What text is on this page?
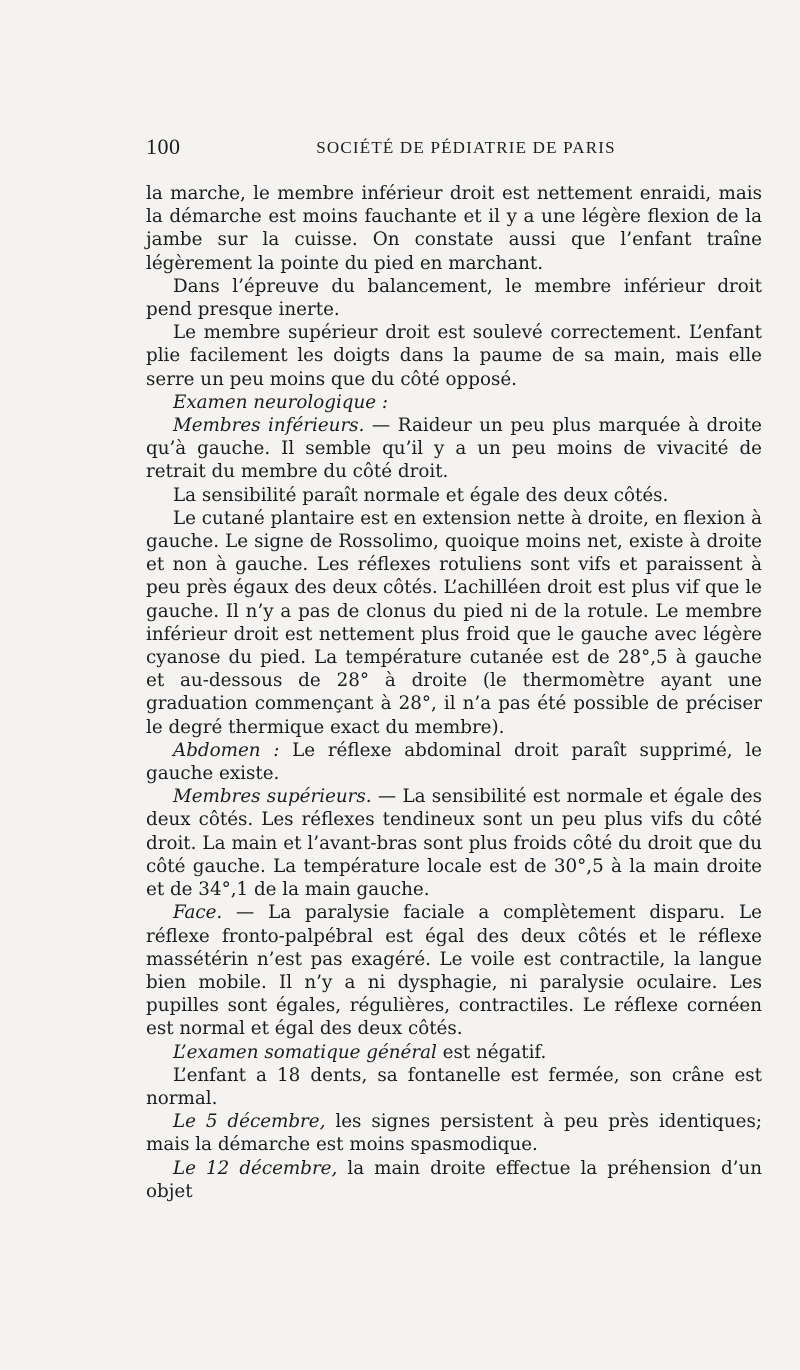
100	SOCIÉTÉ DE PÉDIATRIE DE PARIS

la marche, le membre inférieur droit est nettement enraidi, mais la démarche est moins fauchante et il y a une légère flexion de la jambe sur la cuisse. On constate aussi que l’enfant traîne légèrement la pointe du pied en marchant.

Dans l’épreuve du balancement, le membre inférieur droit pend presque inerte.

Le membre supérieur droit est soulevé correctement. L’enfant plie facilement les doigts dans la paume de sa main, mais elle serre un peu moins que du côté opposé.

Examen neurologique :

Membres inférieurs. — Raideur un peu plus marquée à droite qu’à gauche. Il semble qu’il y a un peu moins de vivacité de retrait du membre du côté droit.

La sensibilité paraît normale et égale des deux côtés.

Le cutané plantaire est en extension nette à droite, en flexion à gauche. Le signe de Rossolimo, quoique moins net, existe à droite et non à gauche. Les réflexes rotuliens sont vifs et paraissent à peu près égaux des deux côtés. L’achilléen droit est plus vif que le gauche. Il n’y a pas de clonus du pied ni de la rotule. Le membre inférieur droit est nettement plus froid que le gauche avec légère cyanose du pied. La température cutanée est de 28°,5 à gauche et au-dessous de 28° à droite (le thermomètre ayant une graduation commençant à 28°, il n’a pas été possible de préciser le degré thermique exact du membre).

Abdomen : Le réflexe abdominal droit paraît supprimé, le gauche existe.

Membres supérieurs. — La sensibilité est normale et égale des deux côtés. Les réflexes tendineux sont un peu plus vifs du côté droit. La main et l’avant-bras sont plus froids côté du droit que du côté gauche. La température locale est de 30°,5 à la main droite et de 34°,1 de la main gauche.

Face. — La paralysie faciale a complètement disparu. Le réflexe fronto-palpébral est égal des deux côtés et le réflexe massétérin n’est pas exagéré. Le voile est contractile, la langue bien mobile. Il n’y a ni dysphagie, ni paralysie oculaire. Les pupilles sont égales, régulières, contractiles. Le réflexe cornéen est normal et égal des deux côtés.

L’examen somatique général est négatif.

L’enfant a 18 dents, sa fontanelle est fermée, son crâne est normal.

Le 5 décembre, les signes persistent à peu près identiques; mais la démarche est moins spasmodique.

Le 12 décembre, la main droite effectue la préhension d’un objet
